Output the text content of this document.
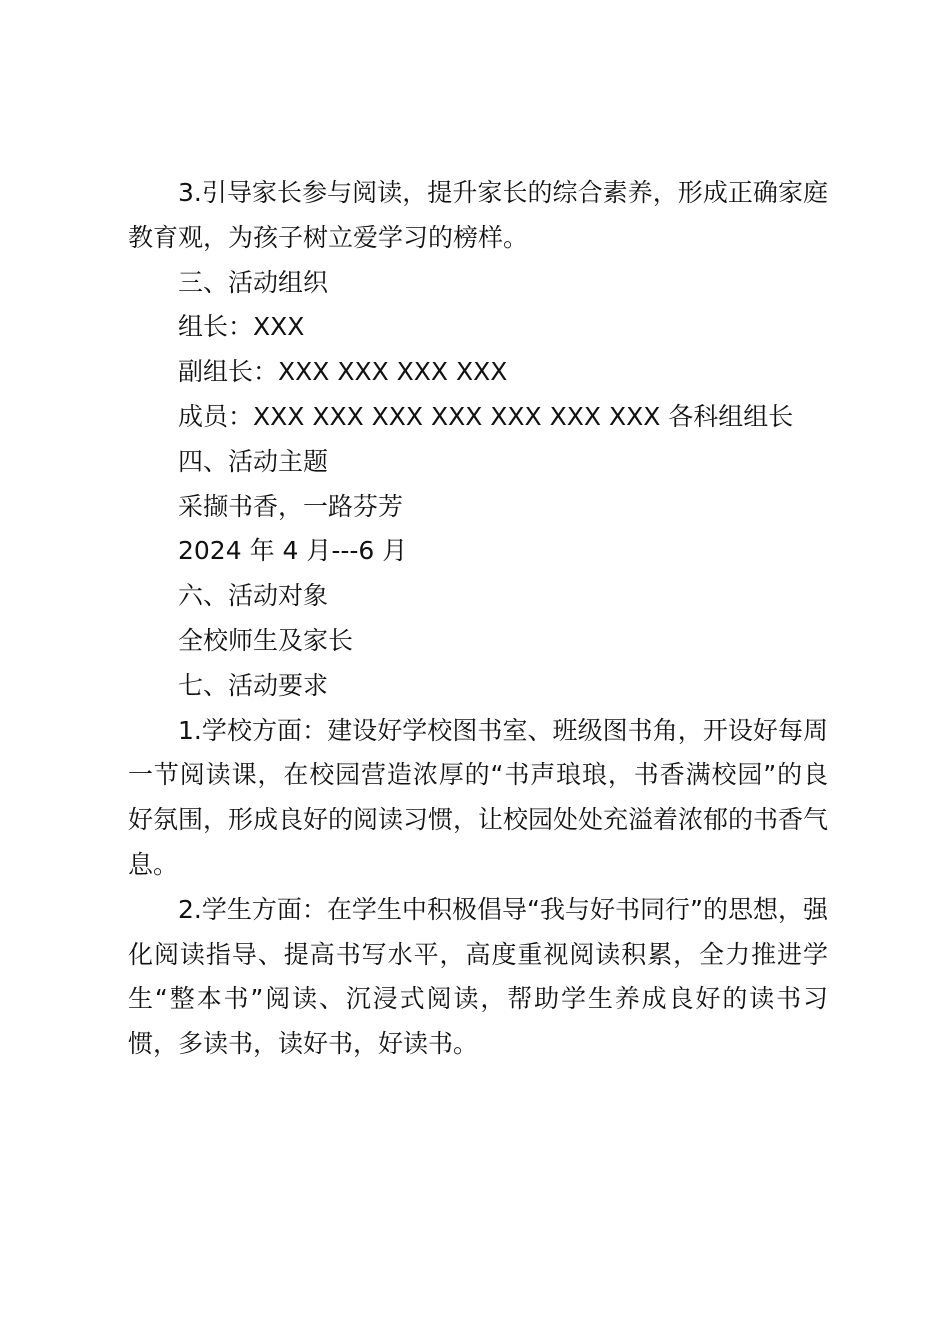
3.引导家长参与阅读，提升家长的综合素养，形成正确家庭教育观，为孩子树立爱学习的榜样。

三、活动组织

组长：XXX

副组长：XXX XXX XXX XXX

成员：XXX XXX XXX XXX XXX XXX XXX 各科组组长

四、活动主题

采撷书香，一路芬芳

2024 年 4 月---6 月

六、活动对象

全校师生及家长

七、活动要求

1.学校方面：建设好学校图书室、班级图书角，开设好每周一节阅读课，在校园营造浓厚的“书声琅琅，书香满校园”的良好氛围，形成良好的阅读习惯，让校园处处充溢着浓郁的书香气息。

2.学生方面：在学生中积极倡导“我与好书同行”的思想，强化阅读指导、提高书写水平，高度重视阅读积累，全力推进学生“整本书”阅读、沉浸式阅读，帮助学生养成良好的读书习惯，多读书，读好书，好读书。
